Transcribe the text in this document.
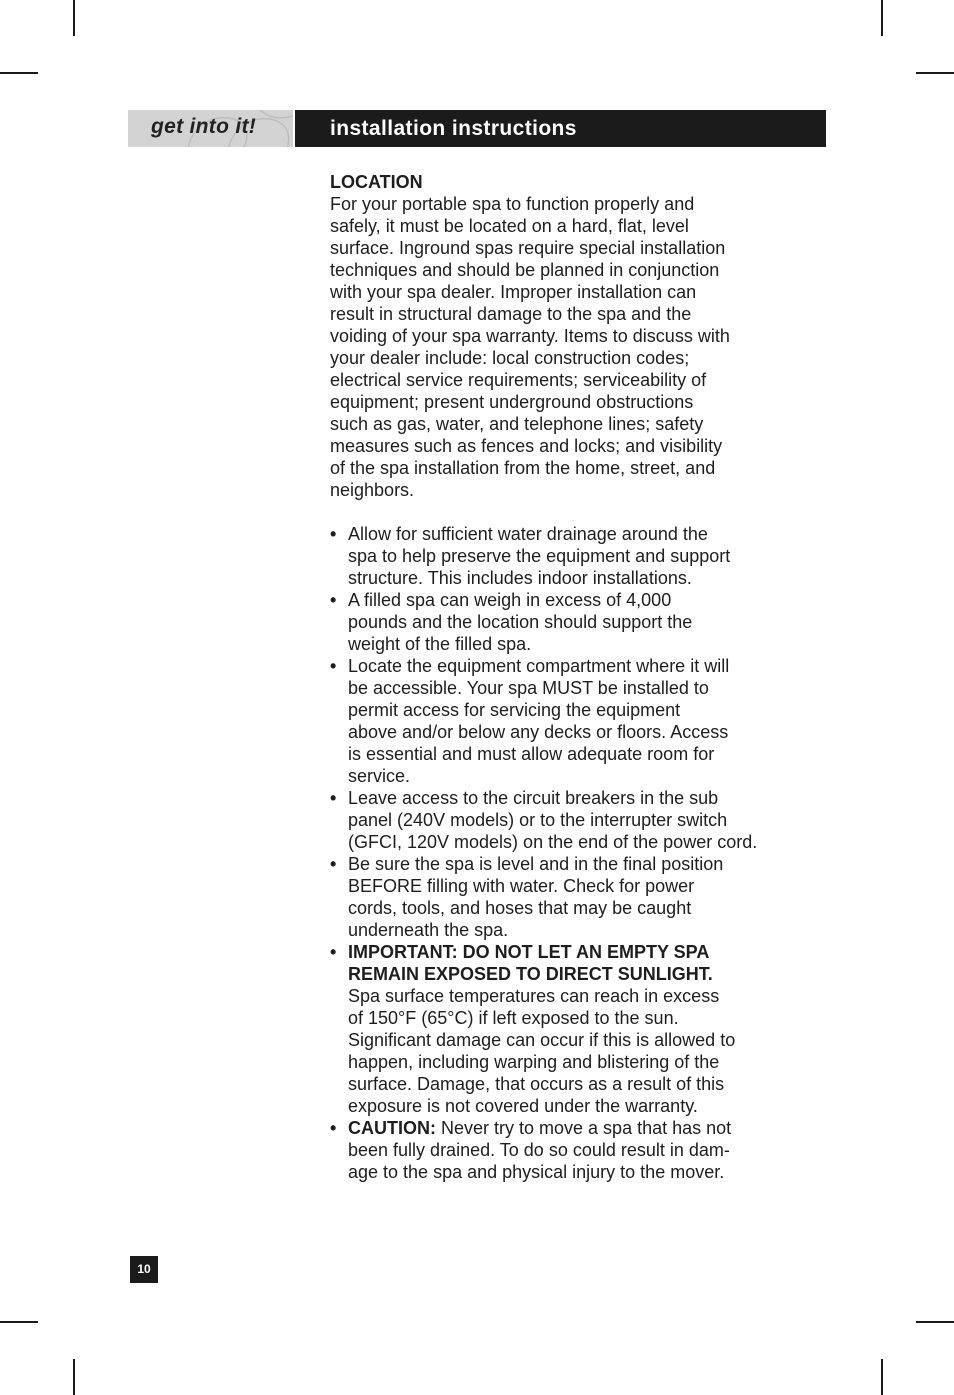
get into it!	installation instructions

LOCATION

For your portable spa to function properly and
safely, it must be located on a hard, flat, level
surface. Inground spas require special installation
techniques and should be planned in conjunction
with your spa dealer. Improper installation can
result in structural damage to the spa and the
voiding of your spa warranty. Items to discuss with
your dealer include: local construction codes;
electrical service requirements; serviceability of
equipment; present underground obstructions
such as gas, water, and telephone lines; safety
measures such as fences and locks; and visibility
of the spa installation from the home, street, and
neighbors.

• Allow for sufficient water drainage around the
spa to help preserve the equipment and support
structure. This includes indoor installations.
• A filled spa can weigh in excess of 4,000
pounds and the location should support the
weight of the filled spa.
• Locate the equipment compartment where it will
be accessible. Your spa MUST be installed to
permit access for servicing the equipment
above and/or below any decks or floors. Access
is essential and must allow adequate room for
service.
• Leave access to the circuit breakers in the sub
panel (240V models) or to the interrupter switch
(GFCI, 120V models) on the end of the power cord.
• Be sure the spa is level and in the final position
BEFORE filling with water. Check for power
cords, tools, and hoses that may be caught
underneath the spa.
• IMPORTANT: DO NOT LET AN EMPTY SPA
REMAIN EXPOSED TO DIRECT SUNLIGHT.
Spa surface temperatures can reach in excess
of 150°F (65°C) if left exposed to the sun.
Significant damage can occur if this is allowed to
happen, including warping and blistering of the
surface. Damage, that occurs as a result of this
exposure is not covered under the warranty.
• CAUTION: Never try to move a spa that has not
been fully drained. To do so could result in dam-
age to the spa and physical injury to the mover.
10
